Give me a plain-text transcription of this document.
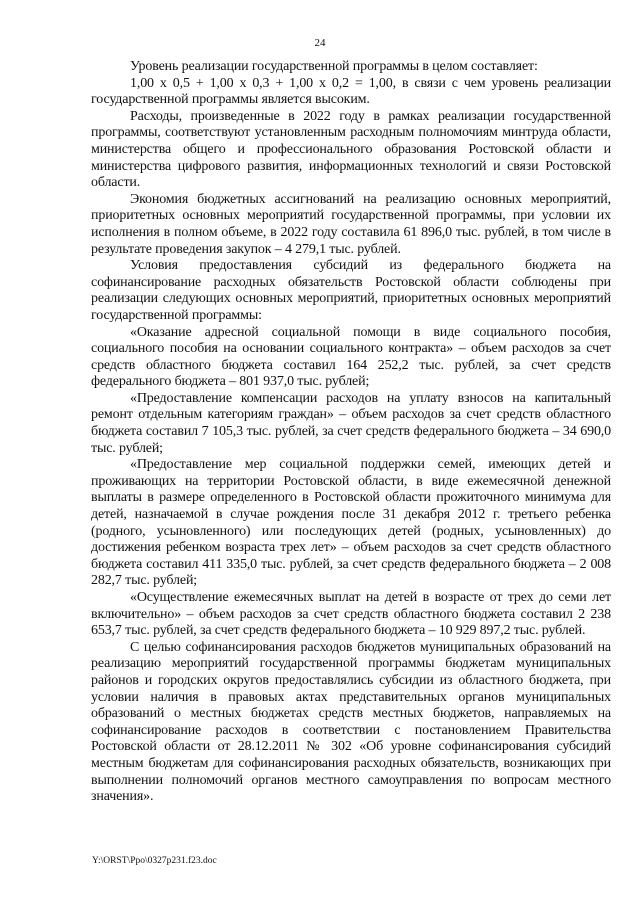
24

Уровень реализации государственной программы в целом составляет:

1,00 х 0,5 + 1,00 х 0,3 + 1,00 х 0,2 = 1,00, в связи с чем уровень реализации государственной программы является высоким.

Расходы, произведенные в 2022 году в рамках реализации государственной программы, соответствуют установленным расходным полномочиям минтруда области, министерства общего и профессионального образования Ростовской области и министерства цифрового развития, информационных технологий и связи Ростовской области.

Экономия бюджетных ассигнований на реализацию основных мероприятий, приоритетных основных мероприятий государственной программы, при условии их исполнения в полном объеме, в 2022 году составила 61 896,0 тыс. рублей, в том числе в результате проведения закупок – 4 279,1 тыс. рублей.

Условия предоставления субсидий из федерального бюджета на софинансирование расходных обязательств Ростовской области соблюдены при реализации следующих основных мероприятий, приоритетных основных мероприятий государственной программы:

«Оказание адресной социальной помощи в виде социального пособия, социального пособия на основании социального контракта» – объем расходов за счет средств областного бюджета составил 164 252,2 тыс. рублей, за счет средств федерального бюджета – 801 937,0 тыс. рублей;

«Предоставление компенсации расходов на уплату взносов на капитальный ремонт отдельным категориям граждан» – объем расходов за счет средств областного бюджета составил 7 105,3 тыс. рублей, за счет средств федерального бюджета – 34 690,0 тыс. рублей;

«Предоставление мер социальной поддержки семей, имеющих детей и проживающих на территории Ростовской области, в виде ежемесячной денежной выплаты в размере определенного в Ростовской области прожиточного минимума для детей, назначаемой в случае рождения после 31 декабря 2012 г. третьего ребенка (родного, усыновленного) или последующих детей (родных, усыновленных) до достижения ребенком возраста трех лет» – объем расходов за счет средств областного бюджета составил 411 335,0 тыс. рублей, за счет средств федерального бюджета – 2 008 282,7 тыс. рублей;

«Осуществление ежемесячных выплат на детей в возрасте от трех до семи лет включительно» – объем расходов за счет средств областного бюджета составил 2 238 653,7 тыс. рублей, за счет средств федерального бюджета – 10 929 897,2 тыс. рублей.

С целью софинансирования расходов бюджетов муниципальных образований на реализацию мероприятий государственной программы бюджетам муниципальных районов и городских округов предоставлялись субсидии из областного бюджета, при условии наличия в правовых актах представительных органов муниципальных образований о местных бюджетах средств местных бюджетов, направляемых на софинансирование расходов в соответствии с постановлением Правительства Ростовской области от 28.12.2011 № 302 «Об уровне софинансирования субсидий местным бюджетам для софинансирования расходных обязательств, возникающих при выполнении полномочий органов местного самоуправления по вопросам местного значения».

Y:\ORST\Ppo\0327p231.f23.doc
